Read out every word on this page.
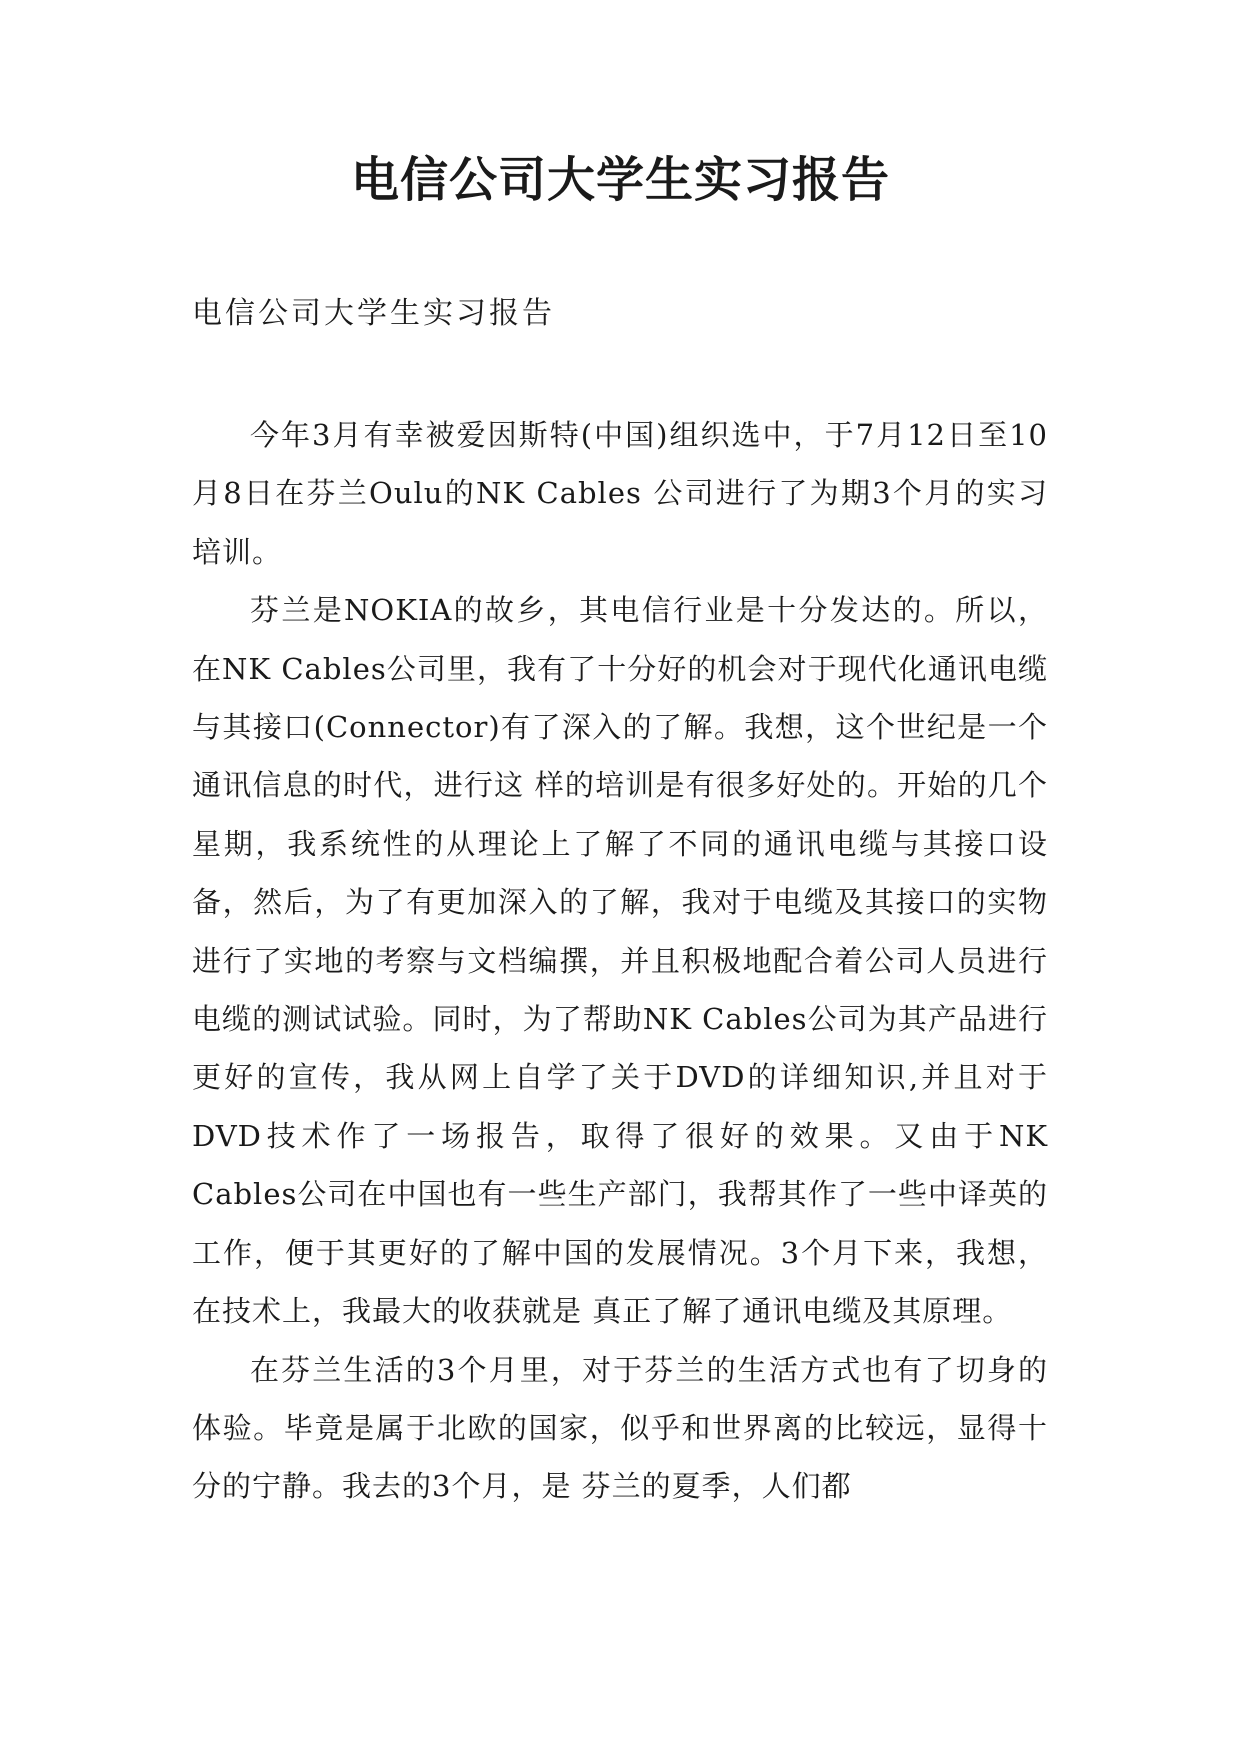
电信公司大学生实习报告
电信公司大学生实习报告

今年3月有幸被爱因斯特(中国)组织选中，于7月12日至10月8日在芬兰Oulu的NK Cables 公司进行了为期3个月的实习培训。

芬兰是NOKIA的故乡，其电信行业是十分发达的。所以，在NK Cables公司里，我有了十分好的机会对于现代化通讯电缆与其接口(Connector)有了深入的了解。我想，这个世纪是一个通讯信息的时代，进行这 样的培训是有很多好处的。开始的几个星期，我系统性的从理论上了解了不同的通讯电缆与其接口设备，然后，为了有更加深入的了解，我对于电缆及其接口的实物 进行了实地的考察与文档编撰，并且积极地配合着公司人员进行电缆的测试试验。同时，为了帮助NK Cables公司为其产品进行更好的宣传，我从网上自学了关于DVD的详细知识,并且对于DVD技术作了一场报告，取得了很好的效果。又由于NK Cables公司在中国也有一些生产部门，我帮其作了一些中译英的工作，便于其更好的了解中国的发展情况。3个月下来，我想，在技术上，我最大的收获就是 真正了解了通讯电缆及其原理。

在芬兰生活的3个月里，对于芬兰的生活方式也有了切身的体验。毕竟是属于北欧的国家，似乎和世界离的比较远，显得十分的宁静。我去的3个月，是 芬兰的夏季，人们都
